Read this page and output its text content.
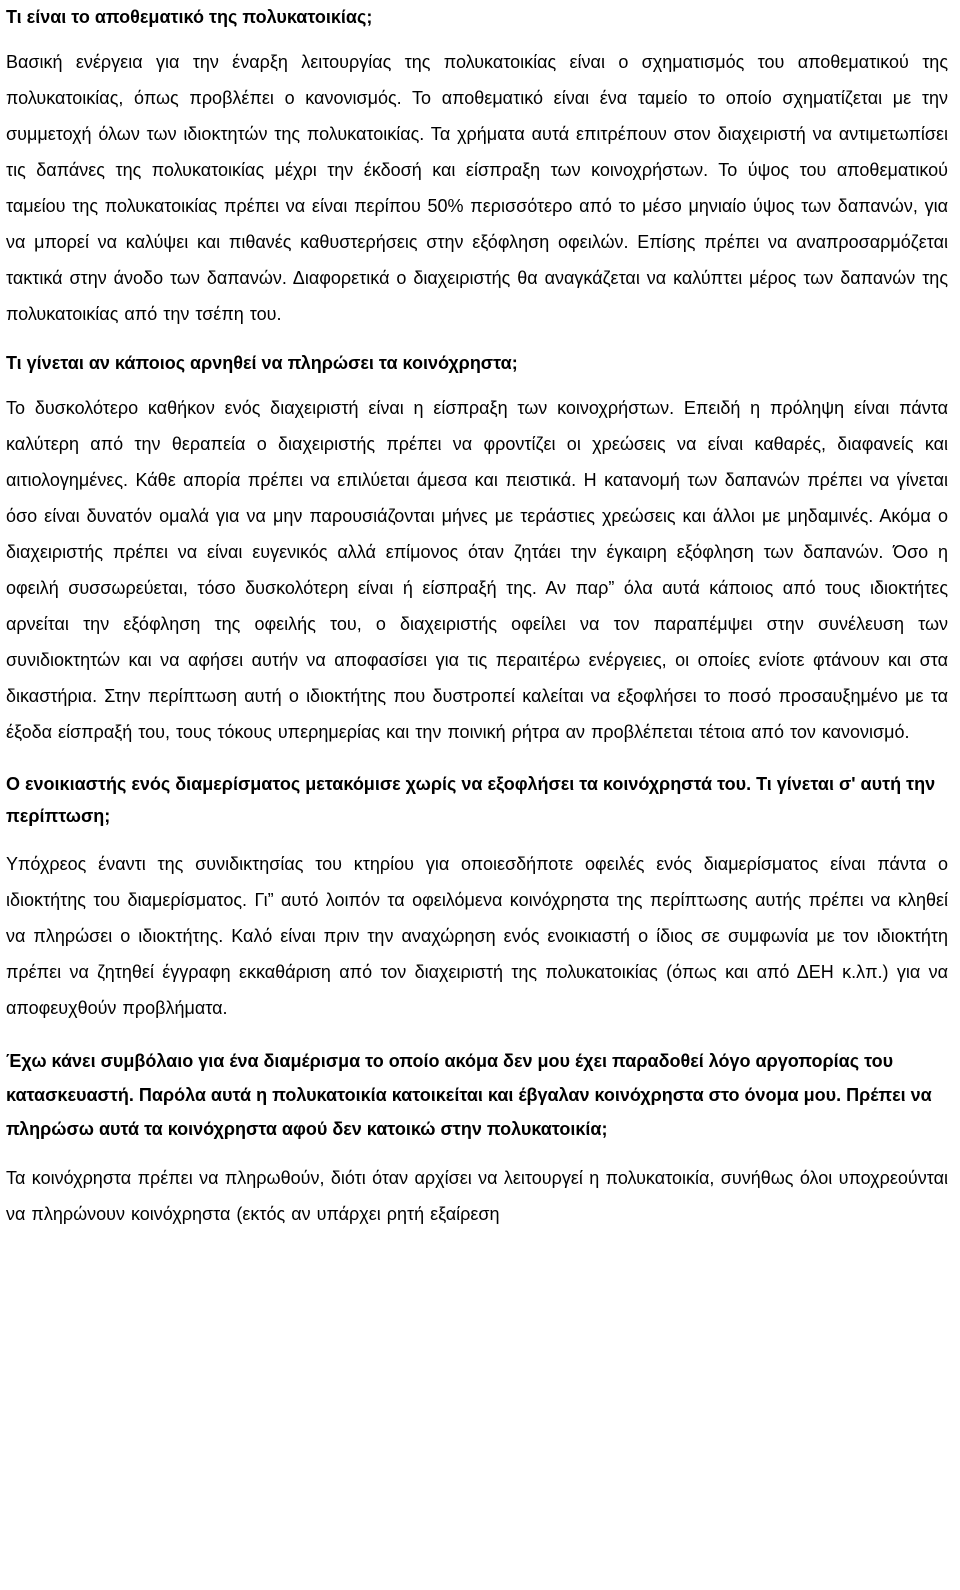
Τι είναι το αποθεματικό της πολυκατοικίας;

Βασική ενέργεια για την έναρξη λειτουργίας της πολυκατοικίας είναι ο σχηματισμός του αποθεματικού της πολυκατοικίας, όπως προβλέπει ο κανονισμός. Το αποθεματικό είναι ένα ταμείο το οποίο σχηματίζεται με την συμμετοχή όλων των ιδιοκτητών της πολυκατοικίας. Τα χρήματα αυτά επιτρέπουν στον διαχειριστή να αντιμετωπίσει τις δαπάνες της πολυκατοικίας μέχρι την έκδοσή και είσπραξη των κοινοχρήστων. Το ύψος του αποθεματικού ταμείου της πολυκατοικίας πρέπει να είναι περίπου 50% περισσότερο από το μέσο μηνιαίο ύψος των δαπανών, για να μπορεί να καλύψει και πιθανές καθυστερήσεις στην εξόφληση οφειλών. Επίσης πρέπει να αναπροσαρμόζεται τακτικά στην άνοδο των δαπανών. Διαφορετικά ο διαχειριστής θα αναγκάζεται να καλύπτει μέρος των δαπανών της πολυκατοικίας από την τσέπη του.

Τι γίνεται αν κάποιος αρνηθεί να πληρώσει τα κοινόχρηστα;

Το δυσκολότερο καθήκον ενός διαχειριστή είναι η είσπραξη των κοινοχρήστων. Επειδή η πρόληψη είναι πάντα καλύτερη από την θεραπεία ο διαχειριστής πρέπει να φροντίζει οι χρεώσεις να είναι καθαρές, διαφανείς και αιτιολογημένες. Κάθε απορία πρέπει να επιλύεται άμεσα και πειστικά. Η κατανομή των δαπανών πρέπει να γίνεται όσο είναι δυνατόν ομαλά για να μην παρουσιάζονται μήνες με τεράστιες χρεώσεις και άλλοι με μηδαμινές. Ακόμα ο διαχειριστής πρέπει να είναι ευγενικός αλλά επίμονος όταν ζητάει την έγκαιρη εξόφληση των δαπανών. Όσο η οφειλή συσσωρεύεται, τόσο δυσκολότερη είναι ή είσπραξή της. Αν παρ” όλα αυτά κάποιος από τους ιδιοκτήτες αρνείται την εξόφληση της οφειλής του, ο διαχειριστής οφείλει να τον παραπέμψει στην συνέλευση των συνιδιοκτητών και να αφήσει αυτήν να αποφασίσει για τις περαιτέρω ενέργειες, οι οποίες ενίοτε φτάνουν και στα δικαστήρια. Στην περίπτωση αυτή ο ιδιοκτήτης που δυστροπεί καλείται να εξοφλήσει το ποσό προσαυξημένο με τα έξοδα είσπραξή του, τους τόκους υπερημερίας και την ποινική ρήτρα αν προβλέπεται τέτοια από τον κανονισμό.

Ο ενοικιαστής ενός διαμερίσματος μετακόμισε χωρίς να εξοφλήσει τα κοινόχρηστά του. Τι γίνεται σ' αυτή την περίπτωση;

Υπόχρεος έναντι της συνιδικτησίας του κτηρίου για οποιεσδήποτε οφειλές ενός διαμερίσματος είναι πάντα ο ιδιοκτήτης του διαμερίσματος. Γι” αυτό λοιπόν τα οφειλόμενα κοινόχρηστα της περίπτωσης αυτής πρέπει να κληθεί να πληρώσει ο ιδιοκτήτης. Καλό είναι πριν την αναχώρηση ενός ενοικιαστή ο ίδιος σε συμφωνία με τον ιδιοκτήτη πρέπει να ζητηθεί έγγραφη εκκαθάριση από τον διαχειριστή της πολυκατοικίας (όπως και από ΔΕΗ κ.λπ.) για να αποφευχθούν προβλήματα.

Έχω κάνει συμβόλαιο για ένα διαμέρισμα το οποίο ακόμα δεν μου έχει παραδοθεί λόγο αργοπορίας του κατασκευαστή. Παρόλα αυτά η πολυκατοικία κατοικείται και έβγαλαν κοινόχρηστα στο όνομα μου. Πρέπει να πληρώσω αυτά τα κοινόχρηστα αφού δεν κατοικώ στην πολυκατοικία;

Τα κοινόχρηστα πρέπει να πληρωθούν, διότι όταν αρχίσει να λειτουργεί η πολυκατοικία, συνήθως όλοι υποχρεούνται να πληρώνουν κοινόχρηστα (εκτός αν υπάρχει ρητή εξαίρεση
